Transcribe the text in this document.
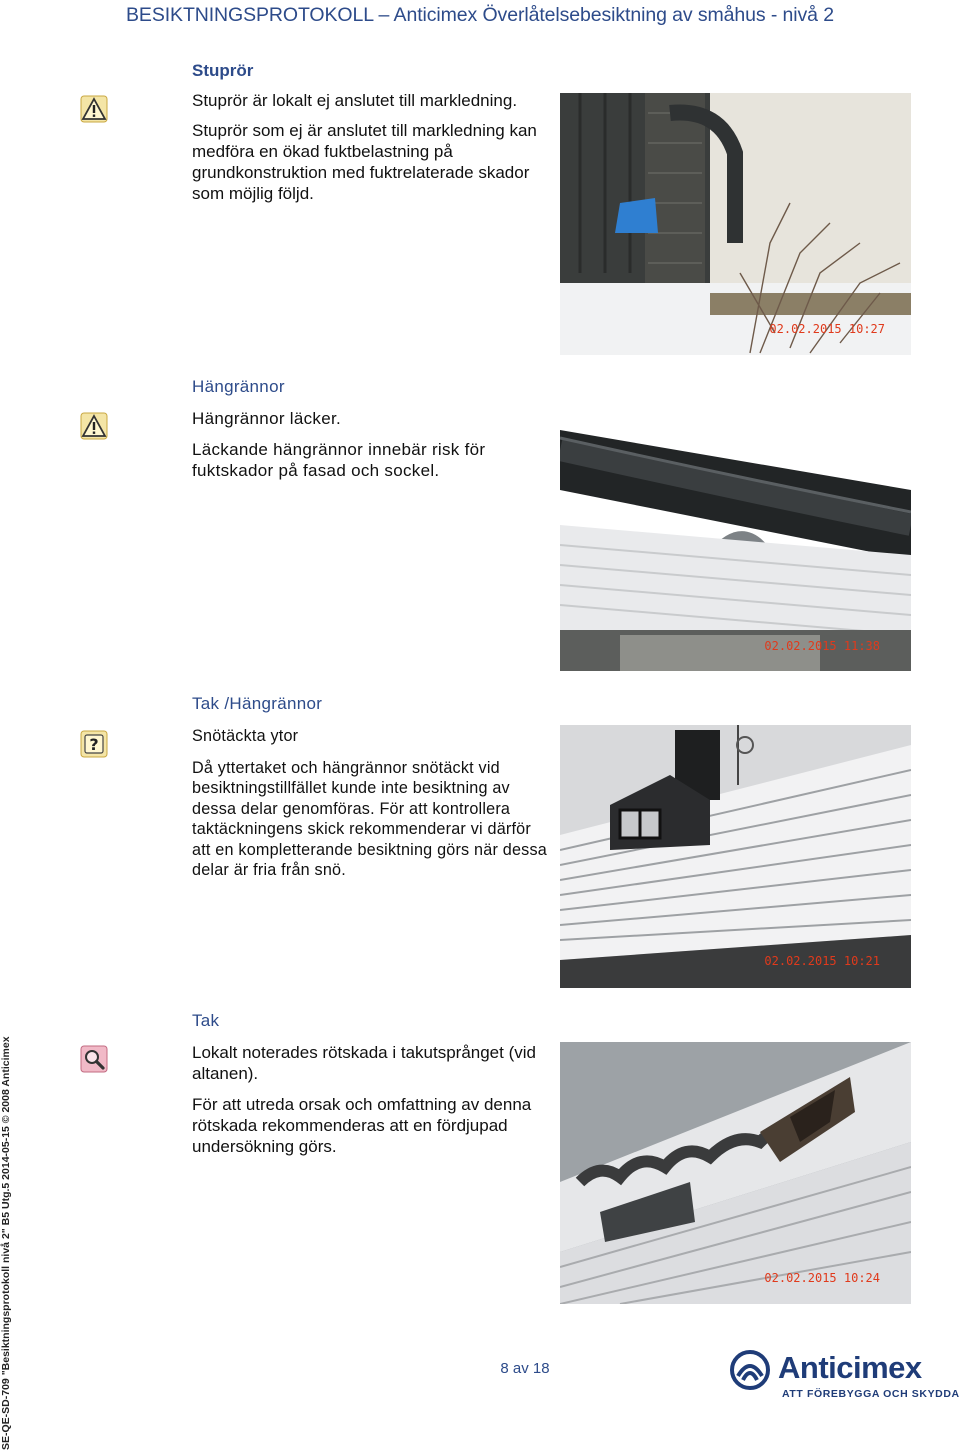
BESIKTNINGSPROTOKOLL – Anticimex Överlåtelsebesiktning av småhus - nivå 2
SE-QE-SD-709 "Besiktningsprotokoll nivå 2" B5 Utg.5 2014-05-15 © 2008 Anticimex

Stuprör

Stuprör är lokalt ej anslutet till markledning.

Stuprör som ej är anslutet till markledning kan medföra en ökad fuktbelastning på grundkonstruktion med fuktrelaterade skador som möjlig följd.

02.02.2015 10:27

Hängrännor

Hängrännor läcker.

Läckande hängrännor innebär risk för fuktskador på fasad och sockel.

02.02.2015 11:38

Tak /Hängrännor

Snötäckta ytor

Då yttertaket och hängrännor snötäckt vid besiktningstillfället kunde inte besiktning av dessa delar genomföras. För att kontrollera taktäckningens skick rekommenderar vi därför att en kompletterande besiktning görs när dessa delar är fria från snö.

?
02.02.2015 10:21

Tak

Lokalt noterades rötskada i takutsprånget (vid altanen).

För att utreda orsak och omfattning av denna rötskada rekommenderas att en fördjupad undersökning görs.

02.02.2015 10:24
8 av 18	Anticimex
ATT FÖREBYGGA OCH SKYDDA
